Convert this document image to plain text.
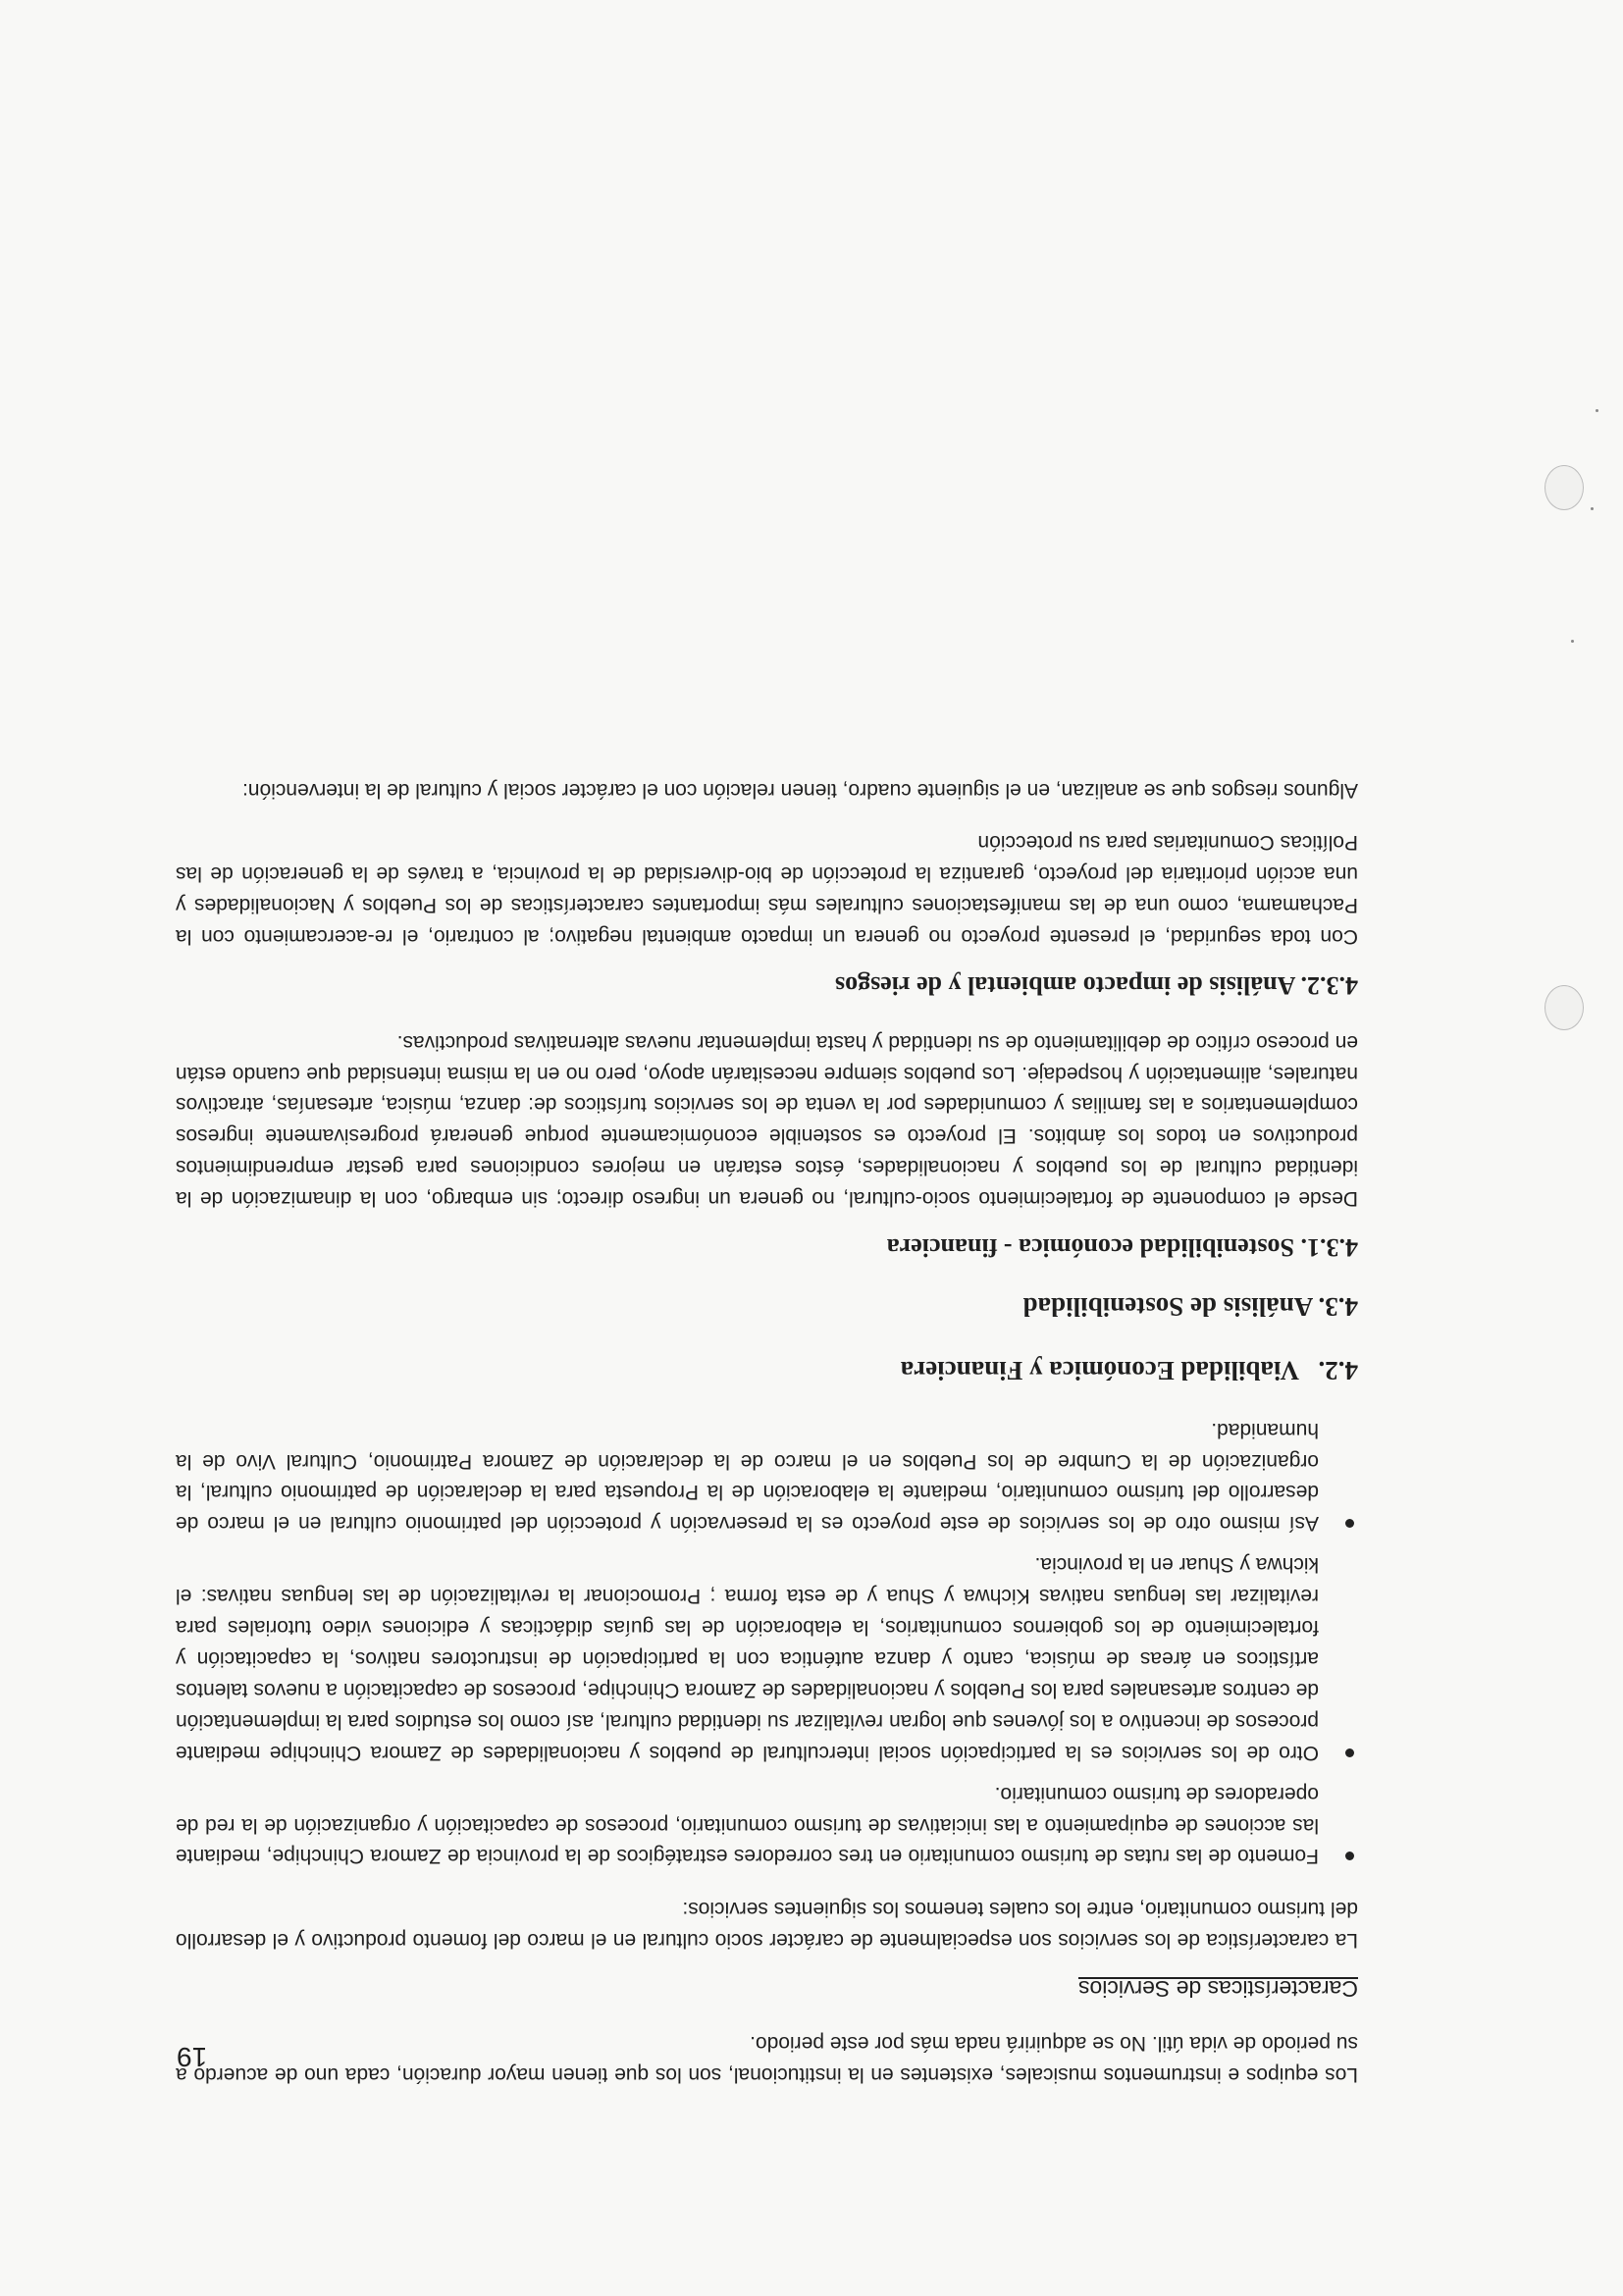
19

Los equipos e instrumentos musicales, existentes en la institucional, son los que tienen mayor duración, cada uno de acuerdo a su periodo de vida útil. No se adquirirá nada más por este periodo.

Características de Servicios

La característica de los servicios son especialmente de carácter socio cultural en el marco del fomento productivo y el desarrollo del turismo comunitario, entre los cuales tenemos los siguientes servicios:

Fomento de las rutas de turismo comunitario en tres corredores estratégicos de la provincia de Zamora Chinchipe, mediante las acciones de equipamiento a las iniciativas de turismo comunitario, procesos de capacitación y organización de la red de operadores de turismo comunitario.
Otro de los servicios es la participación social intercultural de pueblos y nacionalidades de Zamora Chinchipe mediante procesos de incentivo a los jóvenes que logran revitalizar su identidad cultural, así como los estudios para la implementación de centros artesanales para los Pueblos y nacionalidades de Zamora Chinchipe, procesos de capacitación a nuevos talentos artísticos en áreas de música, canto y danza auténtica con la participación de instructores nativos, la capacitación y fortalecimiento de los gobiernos comunitarios, la elaboración de las guías didácticas y ediciones video tutoriales para revitalizar las lenguas nativas Kichwa y Shua y de esta forma ; Promocionar la revitalización de las lenguas nativas: el kichwa y Shuar en la provincia.
Así mismo otro de los servicios de este proyecto es la preservación y protección del patrimonio cultural en el marco de desarrollo del turismo comunitario, mediante la elaboración de la Propuesta para la declaración de patrimonio cultural, la organización de la Cumbre de los Pueblos en el marco de la declaración de Zamora Patrimonio, Cultural Vivo de la humanidad.
4.2.Viabilidad Económica y Financiera
4.3. Análisis de Sostenibilidad
4.3.1. Sostenibilidad económica - financiera

Desde el componente de fortalecimiento socio-cultural, no genera un ingreso directo; sin embargo, con la dinamización de la identidad cultural de los pueblos y nacionalidades, éstos estarán en mejores condiciones para gestar emprendimientos productivos en todos los ámbitos. El proyecto es sostenible económicamente porque generará progresivamente ingresos complementarios a las familias y comunidades por la venta de los servicios turísticos de: danza, música, artesanías, atractivos naturales, alimentación y hospedaje. Los pueblos siempre necesitarán apoyo, pero no en la misma intensidad que cuando están en proceso crítico de debilitamiento de su identidad y hasta implementar nuevas alternativas productivas.

4.3.2. Análisis de impacto ambiental y de riesgos

Con toda seguridad, el presente proyecto no genera un impacto ambiental negativo; al contrario, el re-acercamiento con la Pachamama, como una de las manifestaciones culturales más importantes características de los Pueblos y Nacionalidades y una acción prioritaria del proyecto, garantiza la protección de bio-diversidad de la provincia, a través de la generación de las Políticas Comunitarias para su protección

Algunos riesgos que se analizan, en el siguiente cuadro, tienen relación con el carácter social y cultural de la intervención:
